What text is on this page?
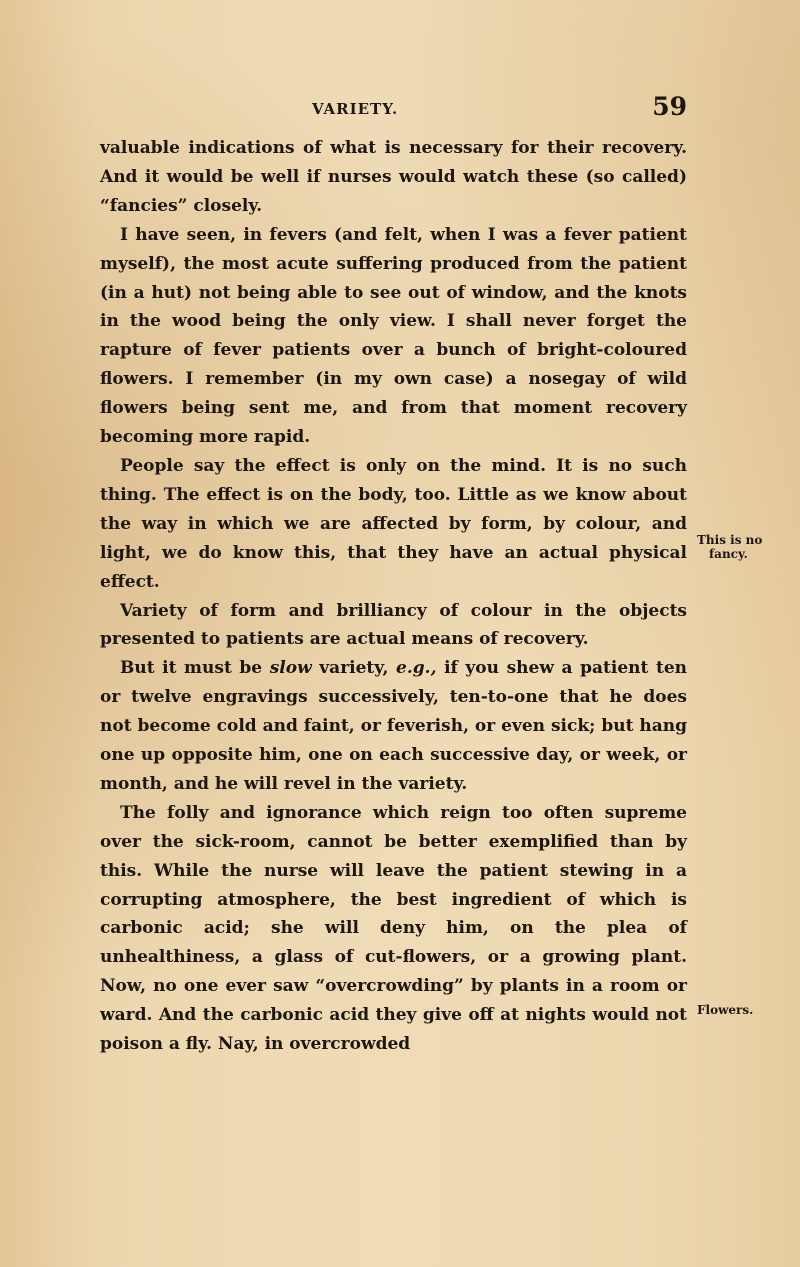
VARIETY.	59

valuable indications of what is necessary for their recovery. And it would be well if nurses would watch these (so called) “fancies” closely.

I have seen, in fevers (and felt, when I was a fever patient myself), the most acute suffering produced from the patient (in a hut) not being able to see out of window, and the knots in the wood being the only view. I shall never forget the rapture of fever patients over a bunch of bright-coloured flowers. I remember (in my own case) a nosegay of wild flowers being sent me, and from that moment recovery becoming more rapid.

People say the effect is only on the mind. It is no such thing. The effect is on the body, too. Little as we know about the way in which we are affected by form, by colour, and light, we do know this, that they have an actual physical effect.

Variety of form and brilliancy of colour in the objects presented to patients are actual means of recovery.

But it must be slow variety, e.g., if you shew a patient ten or twelve engravings successively, ten-to-one that he does not become cold and faint, or feverish, or even sick; but hang one up opposite him, one on each successive day, or week, or month, and he will revel in the variety.

The folly and ignorance which reign too often supreme over the sick-room, cannot be better exemplified than by this. While the nurse will leave the patient stewing in a corrupting atmosphere, the best ingredient of which is carbonic acid; she will deny him, on the plea of unhealthiness, a glass of cut-flowers, or a growing plant. Now, no one ever saw “overcrowding” by plants in a room or ward. And the carbonic acid they give off at nights would not poison a fly. Nay, in overcrowded

This is no
fancy.
Flowers.
